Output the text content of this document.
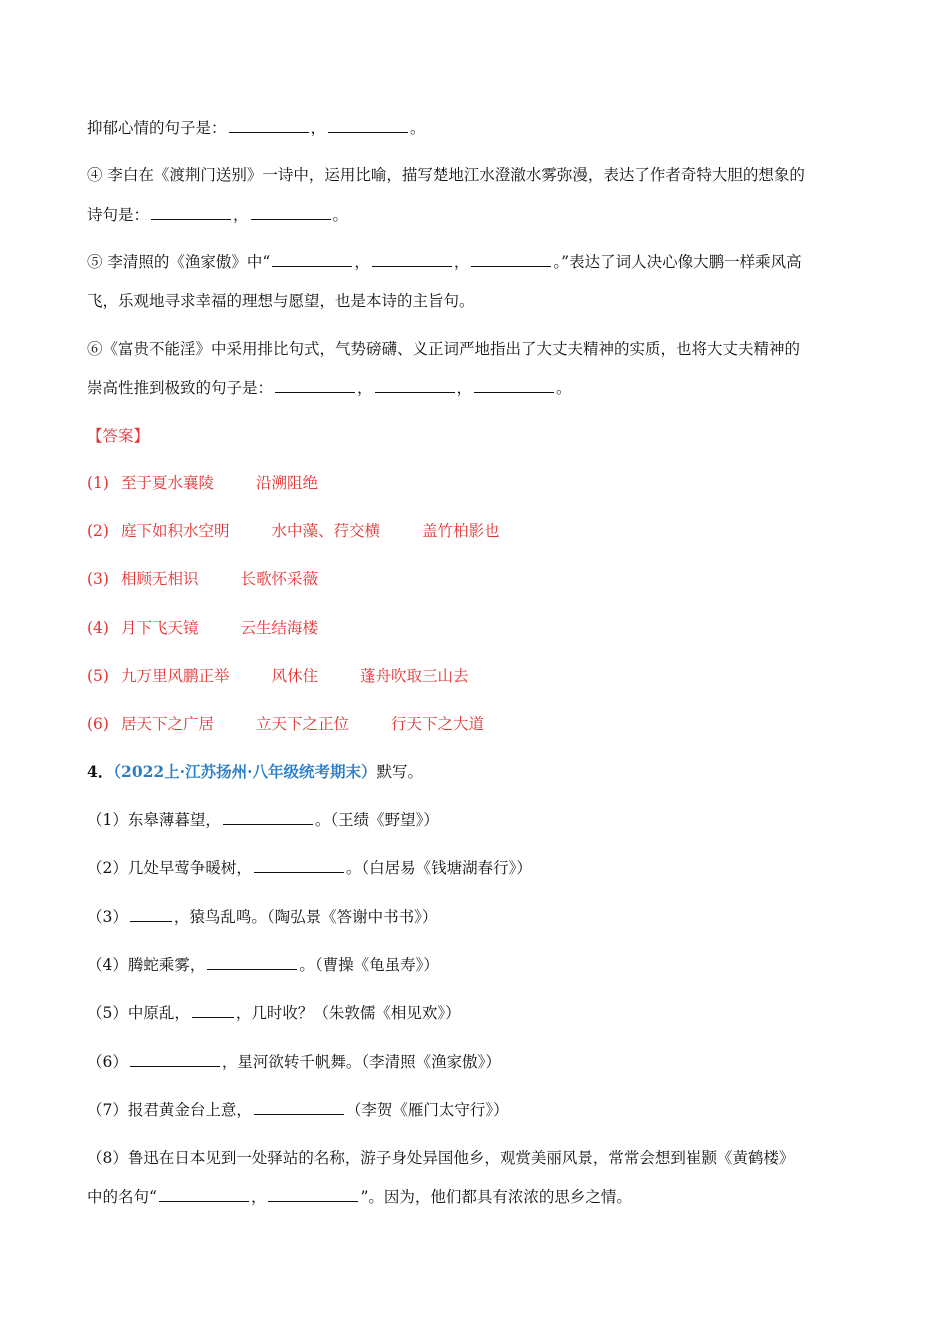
抑郁心情的句子是：	，	。
④ 李白在《渡荆门送别》一诗中，运用比喻，描写楚地江水澄澈水雾弥漫，表达了作者奇特大胆的想象的
诗句是：	，	。
⑤ 李清照的《渔家傲》中“	，	，	。”表达了词人决心像大鹏一样乘风高
飞，乐观地寻求幸福的理想与愿望，也是本诗的主旨句。
⑥《富贵不能淫》中采用排比句式，气势磅礴、义正词严地指出了大丈夫精神的实质，也将大丈夫精神的
崇高性推到极致的句子是：	，	，	。
【答案】
(1) 至于夏水襄陵	沿溯阻绝
(2) 庭下如积水空明	水中藻、荇交横	盖竹柏影也
(3) 相顾无相识	长歌怀采薇
(4) 月下飞天镜	云生结海楼
(5) 九万里风鹏正举	风休住	蓬舟吹取三山去
(6) 居天下之广居	立天下之正位	行天下之大道
4．（2022上·江苏扬州·八年级统考期末）默写。
（1）东皋薄暮望，	。（王绩《野望》）
（2）几处早莺争暖树，	。（白居易《钱塘湖春行》）
（3）	，猿鸟乱鸣。（陶弘景《答谢中书书》）
（4）腾蛇乘雾，	。（曹操《龟虽寿》）
（5）中原乱，	，几时收？（朱敦儒《相见欢》）
（6）	，星河欲转千帆舞。（李清照《渔家傲》）
（7）报君黄金台上意，	（李贺《雁门太守行》）
（8）鲁迅在日本见到一处驿站的名称，游子身处异国他乡，观赏美丽风景，常常会想到崔颢《黄鹤楼》
中的名句“	，	”。因为，他们都具有浓浓的思乡之情。
